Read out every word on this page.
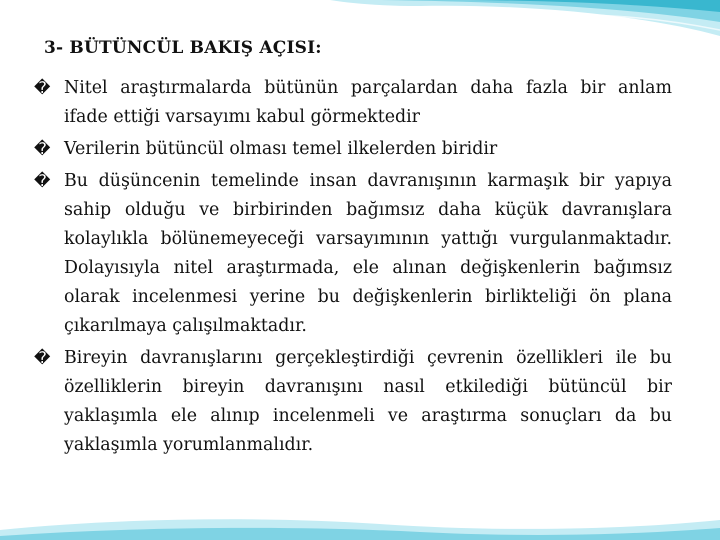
3- BÜTÜNCÜL BAKIŞ AÇISI:

� Nitel araştırmalarda bütünün parçalardan daha fazla bir anlam ifade ettiği varsayımı kabul görmektedir

� Verilerin bütüncül olması temel ilkelerden biridir

� Bu düşüncenin temelinde insan davranışının karmaşık bir yapıya sahip olduğu ve birbirinden bağımsız daha küçük davranışlara kolaylıkla bölünemeyeceği varsayımının yattığı vurgulanmaktadır. Dolayısıyla nitel araştırmada, ele alınan değişkenlerin bağımsız olarak incelenmesi yerine bu değişkenlerin birlikteliği ön plana çıkarılmaya çalışılmaktadır.

� Bireyin davranışlarını gerçekleştirdiği çevrenin özellikleri ile bu özelliklerin bireyin davranışını nasıl etkilediği bütüncül bir yaklaşımla ele alınıp incelenmeli ve araştırma sonuçları da bu yaklaşımla yorumlanmalıdır.
